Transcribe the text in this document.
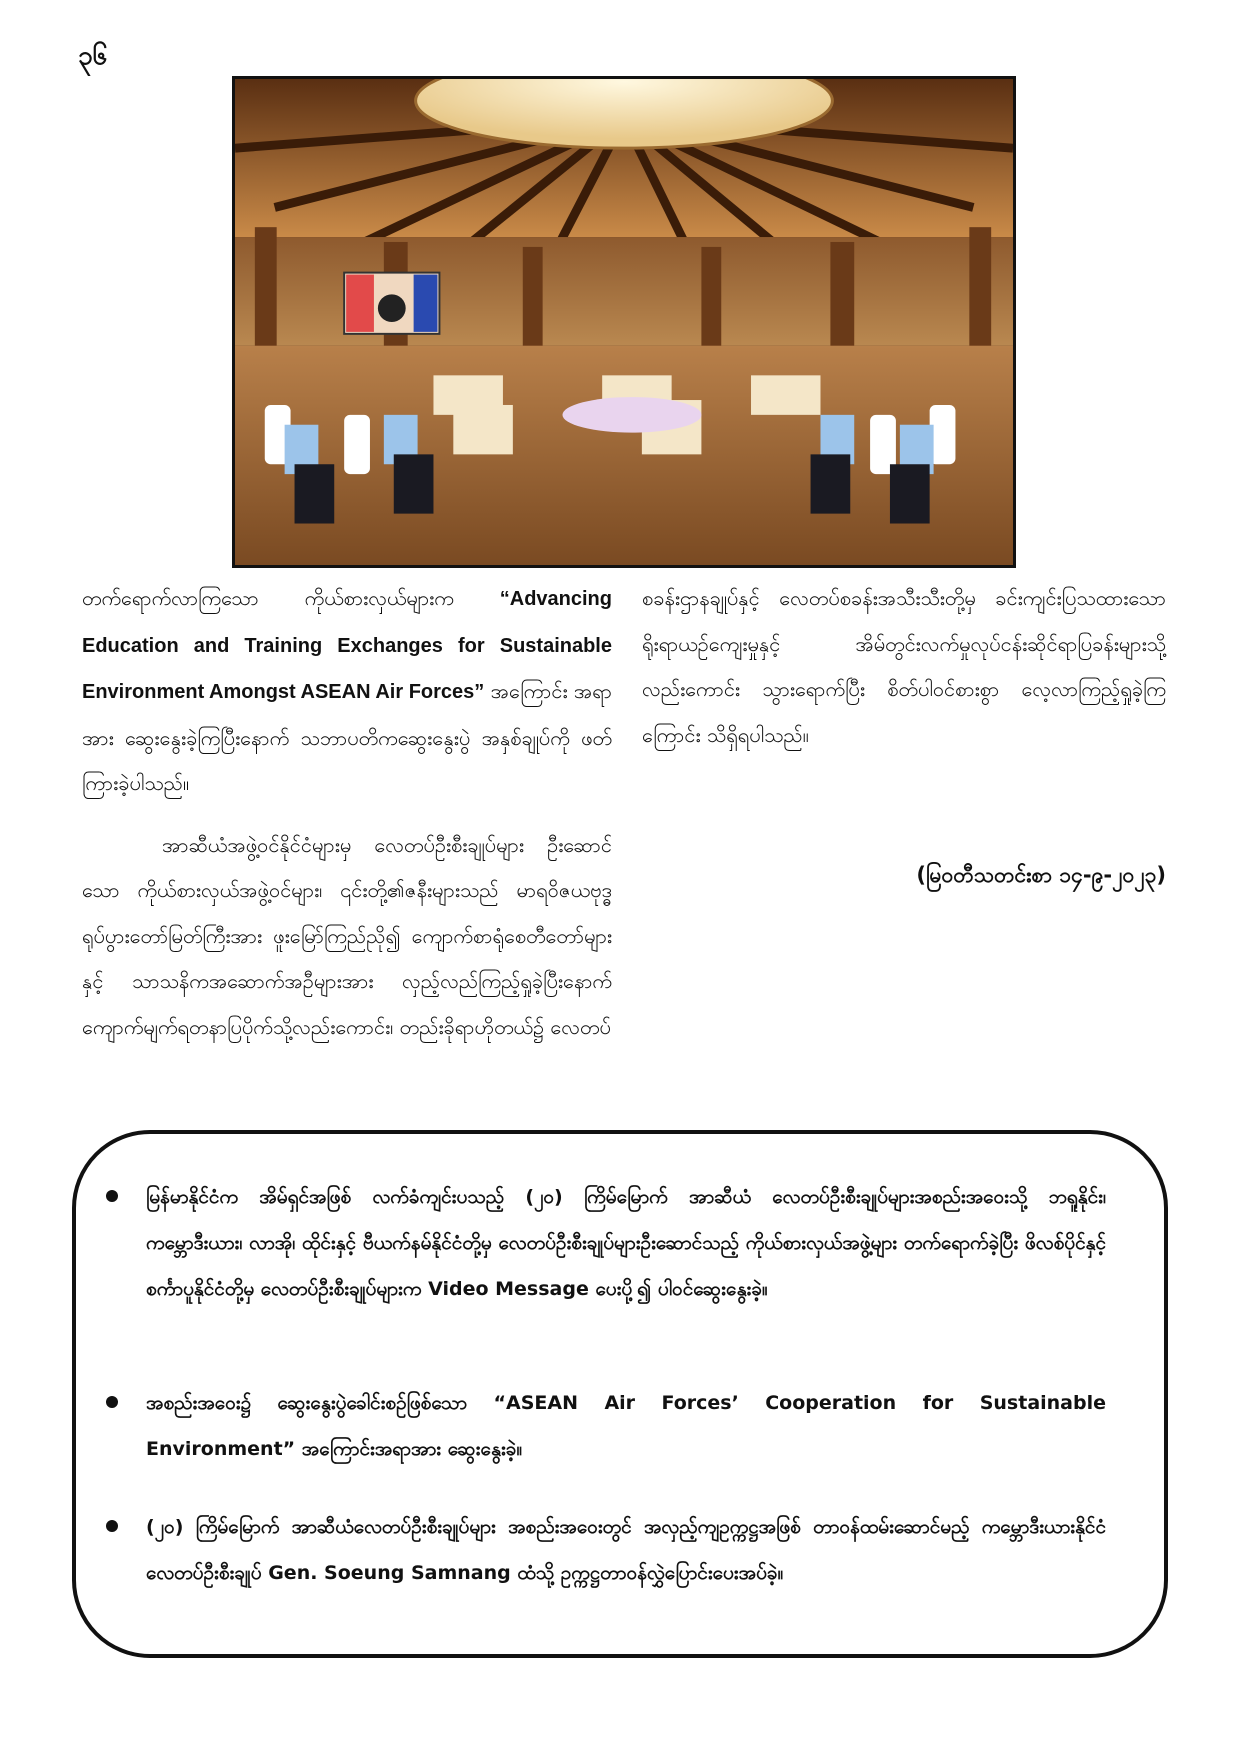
၃၆

တက်ရောက်လာကြသော ကိုယ်စားလှယ်များက “Advancing Education and Training Exchanges for Sustainable Environment Amongst ASEAN Air Forces” အကြောင်း အရာအား ဆွေးနွေးခဲ့ကြပြီးနောက် သဘာပတိကဆွေးနွေးပွဲ အနှစ်ချုပ်ကို ဖတ်ကြားခဲ့ပါသည်။

အာဆီယံအဖွဲ့ဝင်နိုင်ငံများမှ လေတပ်ဦးစီးချုပ်များ ဦးဆောင်သော ကိုယ်စားလှယ်အဖွဲ့ဝင်များ၊ ၎င်းတို့၏ဇနီးများသည် မာရဝိဇယဗုဒ္ဓရုပ်ပွားတော်မြတ်ကြီးအား ဖူးမြော်ကြည်ညို၍ ကျောက်စာရုံစေတီတော်များနှင့် သာသနိကအဆောက်အဦများအား လှည့်လည်ကြည့်ရှုခဲ့ပြီးနောက် ကျောက်မျက်ရတနာပြပိုက်သို့လည်းကောင်း၊ တည်းခိုရာဟိုတယ်၌ လေတပ်

စခန်းဌာနချုပ်နှင့် လေတပ်စခန်းအသီးသီးတို့မှ ခင်းကျင်းပြသထားသော ရိုးရာယဉ်ကျေးမှုနှင့် အိမ်တွင်းလက်မှုလုပ်ငန်းဆိုင်ရာပြခန်းများသို့လည်းကောင်း သွားရောက်ပြီး စိတ်ပါဝင်စားစွာ လေ့လာကြည့်ရှုခဲ့ကြကြောင်း သိရှိရပါသည်။

(မြဝတီသတင်းစာ ၁၄-၉-၂၀၂၃)
မြန်မာနိုင်ငံက အိမ်ရှင်အဖြစ် လက်ခံကျင်းပသည့် (၂၀) ကြိမ်မြောက် အာဆီယံ လေတပ်ဦးစီးချုပ်များအစည်းအဝေးသို့ ဘရူနိုင်း၊ ကမ္ဘောဒီးယား၊ လာအို၊ ထိုင်းနှင့် ဗီယက်နမ်နိုင်ငံတို့မှ လေတပ်ဦးစီးချုပ်များဦးဆောင်သည့် ကိုယ်စားလှယ်အဖွဲ့များ တက်ရောက်ခဲ့ပြီး ဖိလစ်ပိုင်နှင့် စင်္ကာပူနိုင်ငံတို့မှ လေတပ်ဦးစီးချုပ်များက Video Message ပေးပို့၍ ပါဝင်ဆွေးနွေးခဲ့။
အစည်းအဝေး၌ ဆွေးနွေးပွဲခေါင်းစဉ်ဖြစ်သော “ASEAN Air Forces’ Cooperation for Sustainable Environment” အကြောင်းအရာအား ဆွေးနွေးခဲ့။
(၂၀) ကြိမ်မြောက် အာဆီယံလေတပ်ဦးစီးချုပ်များ အစည်းအဝေးတွင် အလှည့်ကျဥက္ကဋ္ဌအဖြစ် တာဝန်ထမ်းဆောင်မည့် ကမ္ဘောဒီးယားနိုင်ငံလေတပ်ဦးစီးချုပ် Gen. Soeung Samnang ထံသို့ ဥက္ကဋ္ဌတာဝန်လွှဲပြောင်းပေးအပ်ခဲ့။
